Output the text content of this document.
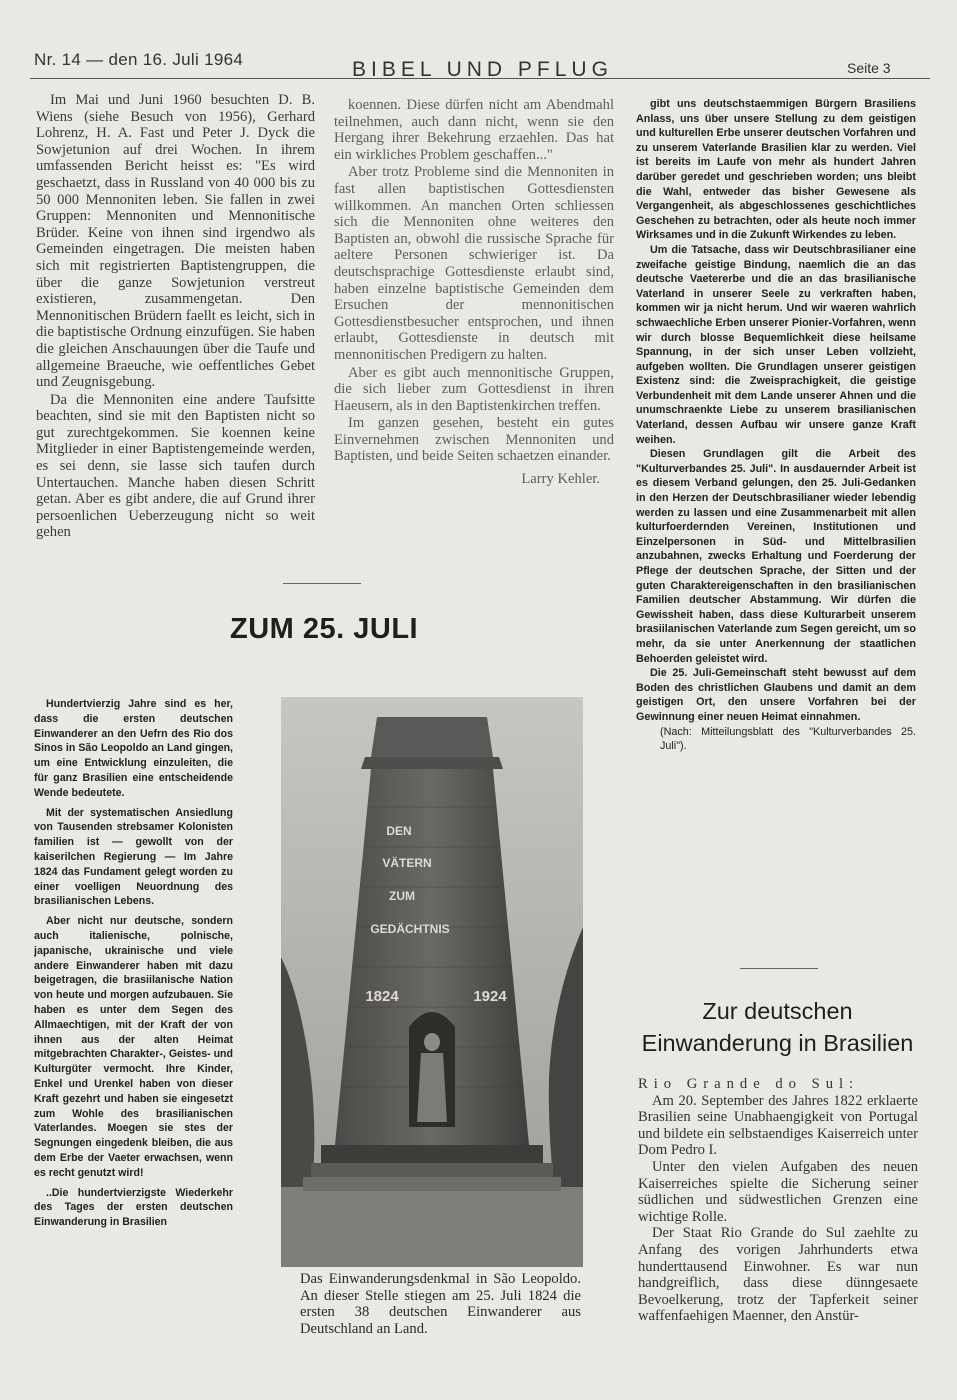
Nr. 14 — den 16. Juli 1964	BIBEL UND PFLUG	Seite 3

Im Mai und Juni 1960 besuchten D. B. Wiens (siehe Besuch von 1956), Gerhard Lohrenz, H. A. Fast und Peter J. Dyck die Sowjetunion auf drei Wochen. In ihrem umfassenden Bericht heisst es: "Es wird geschaetzt, dass in Russland von 40 000 bis zu 50 000 Mennoniten leben. Sie fallen in zwei Gruppen: Mennoniten und Mennonitische Brüder. Keine von ihnen sind irgendwo als Gemeinden eingetragen. Die meisten haben sich mit registrierten Baptistengruppen, die über die ganze Sowjetunion verstreut existieren, zusammengetan. Den Mennonitischen Brüdern faellt es leicht, sich in die baptistische Ordnung einzufügen. Sie haben die gleichen Anschauungen über die Taufe und allgemeine Braeuche, wie oeffentliches Gebet und Zeugnisgebung.

Da die Mennoniten eine andere Taufsitte beachten, sind sie mit den Baptisten nicht so gut zurechtgekommen. Sie koennen keine Mitglieder in einer Baptistengemeinde werden, es sei denn, sie lasse sich taufen durch Untertauchen. Manche haben diesen Schritt getan. Aber es gibt andere, die auf Grund ihrer persoenlichen Ueberzeugung nicht so weit gehen

koennen. Diese dürfen nicht am Abendmahl teilnehmen, auch dann nicht, wenn sie den Hergang ihrer Bekehrung erzaehlen. Das hat ein wirkliches Problem geschaffen..."

Aber trotz Probleme sind die Mennoniten in fast allen baptistischen Gottesdiensten willkommen. An manchen Orten schliessen sich die Mennoniten ohne weiteres den Baptisten an, obwohl die russische Sprache für aeltere Personen schwieriger ist. Da deutschsprachige Gottesdienste erlaubt sind, haben einzelne baptistische Gemeinden dem Ersuchen der mennonitischen Gottesdienstbesucher entsprochen, und ihnen erlaubt, Gottesdienste in deutsch mit mennonitischen Predigern zu halten.

Aber es gibt auch mennonitische Gruppen, die sich lieber zum Gottesdienst in ihren Haeusern, als in den Baptistenkirchen treffen.

Im ganzen gesehen, besteht ein gutes Einvernehmen zwischen Mennoniten und Baptisten, und beide Seiten schaetzen einander.

Larry Kehler.

gibt uns deutschstaemmigen Bürgern Brasiliens Anlass, uns über unsere Stellung zu dem geistigen und kulturellen Erbe unserer deutschen Vorfahren und zu unserem Vaterlande Brasilien klar zu werden. Viel ist bereits im Laufe von mehr als hundert Jahren darüber geredet und geschrieben worden; uns bleibt die Wahl, entweder das bisher Gewesene als Vergangenheit, als abgeschlossenes geschichtliches Geschehen zu betrachten, oder als heute noch immer Wirksames und in die Zukunft Wirkendes zu leben.

Um die Tatsache, dass wir Deutschbrasilianer eine zweifache geistige Bindung, naemlich die an das deutsche Vaetererbe und die an das brasilianische Vaterland in unserer Seele zu verkraften haben, kommen wir ja nicht herum. Und wir waeren wahrlich schwaechliche Erben unserer Pionier-Vorfahren, wenn wir durch blosse Bequemlichkeit diese heilsame Spannung, in der sich unser Leben vollzieht, aufgeben wollten. Die Grundlagen unserer geistigen Existenz sind: die Zweisprachigkeit, die geistige Verbundenheit mit dem Lande unserer Ahnen und die unumschraenkte Liebe zu unserem brasilianischen Vaterland, dessen Aufbau wir unsere ganze Kraft weihen.

Diesen Grundlagen gilt die Arbeit des "Kulturverbandes 25. Juli". In ausdauernder Arbeit ist es diesem Verband gelungen, den 25. Juli-Gedanken in den Herzen der Deutschbrasilianer wieder lebendig werden zu lassen und eine Zusammenarbeit mit allen kulturfoerdernden Vereinen, Institutionen und Einzelpersonen in Süd- und Mittelbrasilien anzubahnen, zwecks Erhaltung und Foerderung der Pflege der deutschen Sprache, der Sitten und der guten Charaktereigenschaften in den brasilianischen Familien deutscher Abstammung. Wir dürfen die Gewissheit haben, dass diese Kulturarbeit unserem brasiilanischen Vaterlande zum Segen gereicht, um so mehr, da sie unter Anerkennung der staatlichen Behoerden geleistet wird.

Die 25. Juli-Gemeinschaft steht bewusst auf dem Boden des christlichen Glaubens und damit an dem geistigen Ort, den unsere Vorfahren bei der Gewinnung einer neuen Heimat einnahmen.

(Nach: Mitteilungsblatt des "Kulturverbandes 25. Juli").

ZUM 25. JULI

Hundertvierzig Jahre sind es her, dass die ersten deutschen Einwanderer an den Uefrn des Rio dos Sinos in São Leopoldo an Land gingen, um eine Entwicklung einzuleiten, die für ganz Brasilien eine entscheidende Wende bedeutete.

Mit der systematischen Ansiedlung von Tausenden strebsamer Kolonisten familien ist — gewollt von der kaiserilchen Regierung — Im Jahre 1824 das Fundament gelegt worden zu einer voelligen Neuordnung des brasilianischen Lebens.

Aber nicht nur deutsche, sondern auch italienische, polnische, japanische, ukrainische und viele andere Einwanderer haben mit dazu beigetragen, die brasiilanische Nation von heute und morgen aufzubauen. Sie haben es unter dem Segen des Allmaechtigen, mit der Kraft der von ihnen aus der alten Heimat mitgebrachten Charakter-, Geistes- und Kulturgüter vermocht. Ihre Kinder, Enkel und Urenkel haben von dieser Kraft gezehrt und haben sie eingesetzt zum Wohle des brasilianischen Vaterlandes. Moegen sie stes der Segnungen eingedenk bleiben, die aus dem Erbe der Vaeter erwachsen, wenn es recht genutzt wird!

..Die hundertvierzigste Wiederkehr des Tages der ersten deutschen Einwanderung in Brasilien

DEN
VÄTERN
ZUM
GEDÄCHTNIS
1824	1924
Das Einwanderungsdenkmal in São Leopoldo. An dieser Stelle stiegen am 25. Juli 1824 die ersten 38 deutschen Einwanderer aus Deutschland an Land.
Zur deutschen Einwanderung in Brasilien

Rio Grande do Sul:

Am 20. September des Jahres 1822 erklaerte Brasilien seine Unabhaengigkeit von Portugal und bildete ein selbstaendiges Kaiserreich unter Dom Pedro I.

Unter den vielen Aufgaben des neuen Kaiserreiches spielte die Sicherung seiner südlichen und südwestlichen Grenzen eine wichtige Rolle.

Der Staat Rio Grande do Sul zaehlte zu Anfang des vorigen Jahrhunderts etwa hunderttausend Einwohner. Es war nun handgreiflich, dass diese dünngesaete Bevoelkerung, trotz der Tapferkeit seiner waffenfaehigen Maenner, den Anstür-
